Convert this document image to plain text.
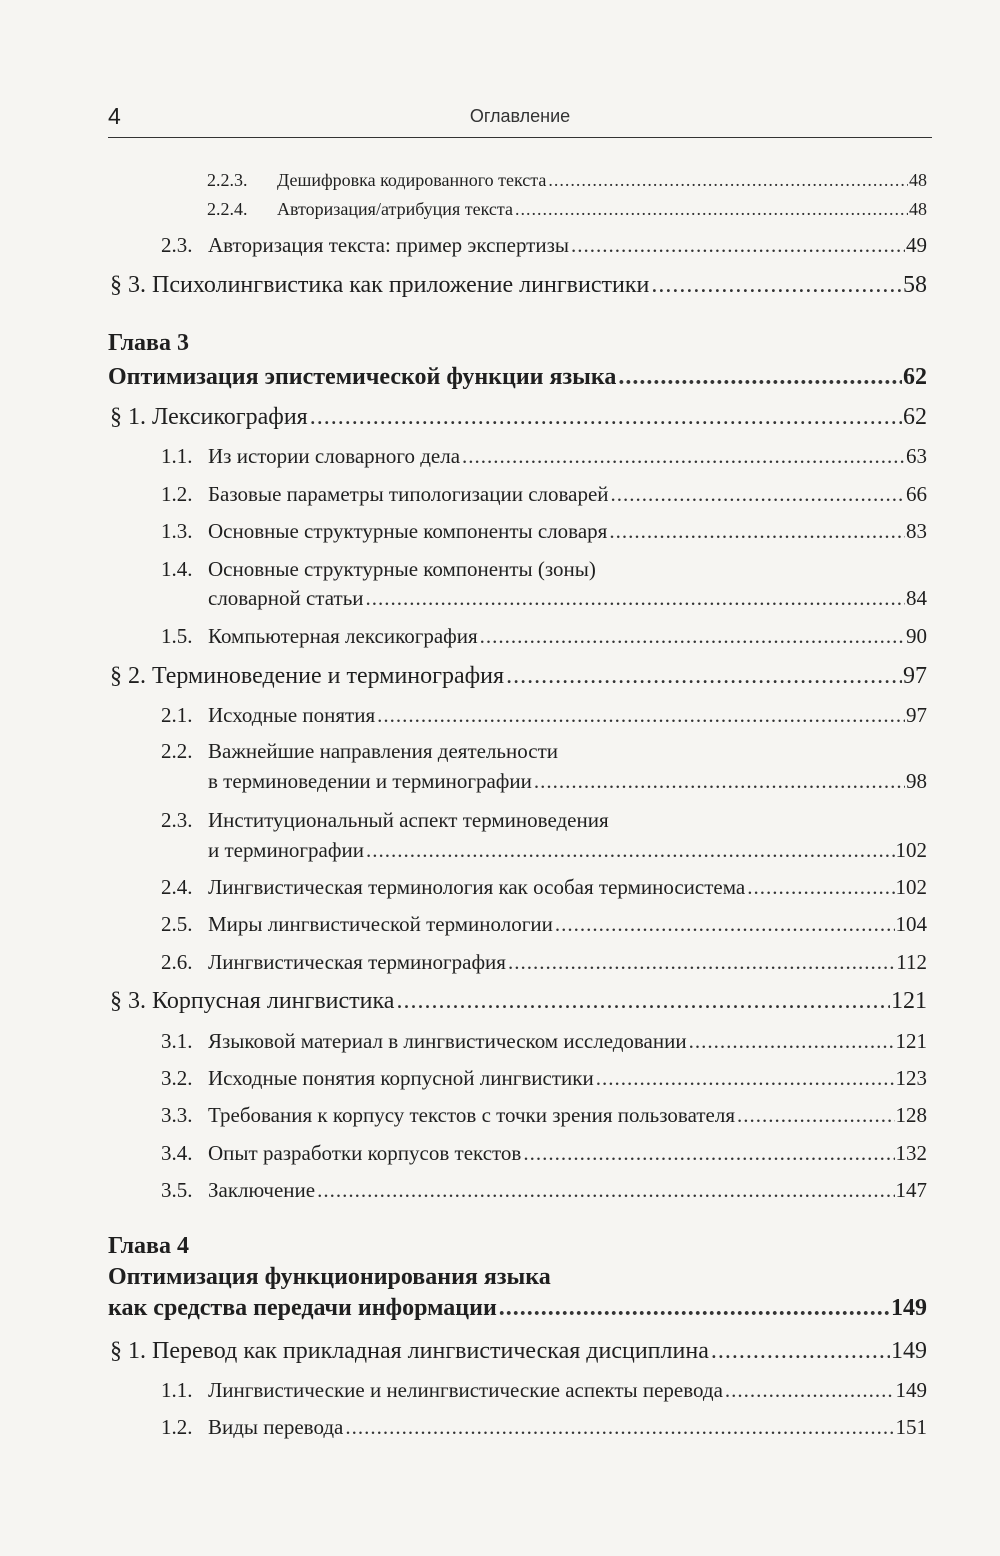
4	Оглавление
2.2.3.	Дешифровка кодированного текста .....	48
2.2.4.	Авторизация/атрибуция текста .....	48
2.3. Авторизация текста: пример экспертизы .....	49
§ 3. Психолингвистика как приложение лингвистики .....	58
Глава 3
Оптимизация эпистемической функции языка .....	62
§ 1. Лексикография .....	62
1.1. Из истории словарного дела .....	63
1.2. Базовые параметры типологизации словарей .....	66
1.3. Основные структурные компоненты словаря .....	83
1.4. Основные структурные компоненты (зоны)
словарной статьи .....	84
1.5. Компьютерная лексикография .....	90
§ 2. Терминоведение и терминография .....	97
2.1. Исходные понятия .....	97
2.2. Важнейшие направления деятельности
в терминоведении и терминографии .....	98
2.3. Институциональный аспект терминоведения
и терминографии .....	102
2.4. Лингвистическая терминология как особая терминосистема .....	102
2.5. Миры лингвистической терминологии .....	104
2.6. Лингвистическая терминография .....	112
§ 3. Корпусная лингвистика .....	121
3.1. Языковой материал в лингвистическом исследовании .....	121
3.2. Исходные понятия корпусной лингвистики .....	123
3.3. Требования к корпусу текстов с точки зрения пользователя .....	128
3.4. Опыт разработки корпусов текстов .....	132
3.5. Заключение .....	147
Глава 4
Оптимизация функционирования языка
как средства передачи информации .....	149
§ 1. Перевод как прикладная лингвистическая дисциплина .....	149
1.1. Лингвистические и нелингвистические аспекты перевода .....	149
1.2. Виды перевода .....	151
